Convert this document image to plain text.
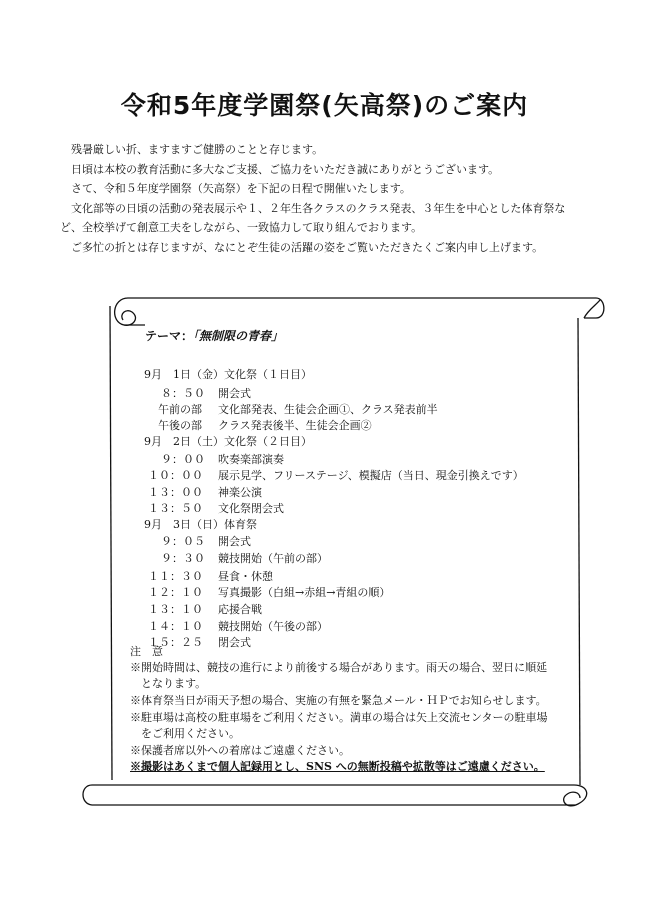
令和5年度学園祭(矢高祭)のご案内
残暑厳しい折、ますますご健勝のことと存じます。
日頃は本校の教育活動に多大なご支援、ご協力をいただき誠にありがとうございます。
さて、令和５年度学園祭（矢高祭）を下記の日程で開催いたします。
文化部等の日頃の活動の発表展示や１、２年生各クラスのクラス発表、３年生を中心とした体育祭な
ど、全校挙げて創意工夫をしながら、一致協力して取り組んでおります。
ご多忙の折とは存じますが、なにとぞ生徒の活躍の姿をご覧いただきたくご案内申し上げます。
テーマ：「無制限の青春」
9月　1日（金）文化祭（１日目）
８：５０ 開会式
午前の部 文化部発表、生徒会企画①、クラス発表前半
午後の部 クラス発表後半、生徒会企画②
9月　2日（土）文化祭（２日目）
９：００ 吹奏楽部演奏
１０：００ 展示見学、フリーステージ、模擬店（当日、現金引換えです）
１３：００ 神楽公演
１３：５０ 文化祭閉会式
9月　3日（日）体育祭
９：０５ 開会式
９：３０ 競技開始（午前の部）
１１：３０ 昼食・休憩
１２：１０ 写真撮影（白組→赤組→青組の順）
１３：１０ 応援合戦
１４：１０ 競技開始（午後の部）
１５：２５ 閉会式
注　意
※開始時間は、競技の進行により前後する場合があります。雨天の場合、翌日に順延
　となります。
※体育祭当日が雨天予想の場合、実施の有無を緊急メール・ＨＰでお知らせします。
※駐車場は高校の駐車場をご利用ください。満車の場合は矢上交流センターの駐車場
　をご利用ください。
※保護者席以外への着席はご遠慮ください。
※撮影はあくまで個人記録用とし、SNS への無断投稿や拡散等はご遠慮ください。
